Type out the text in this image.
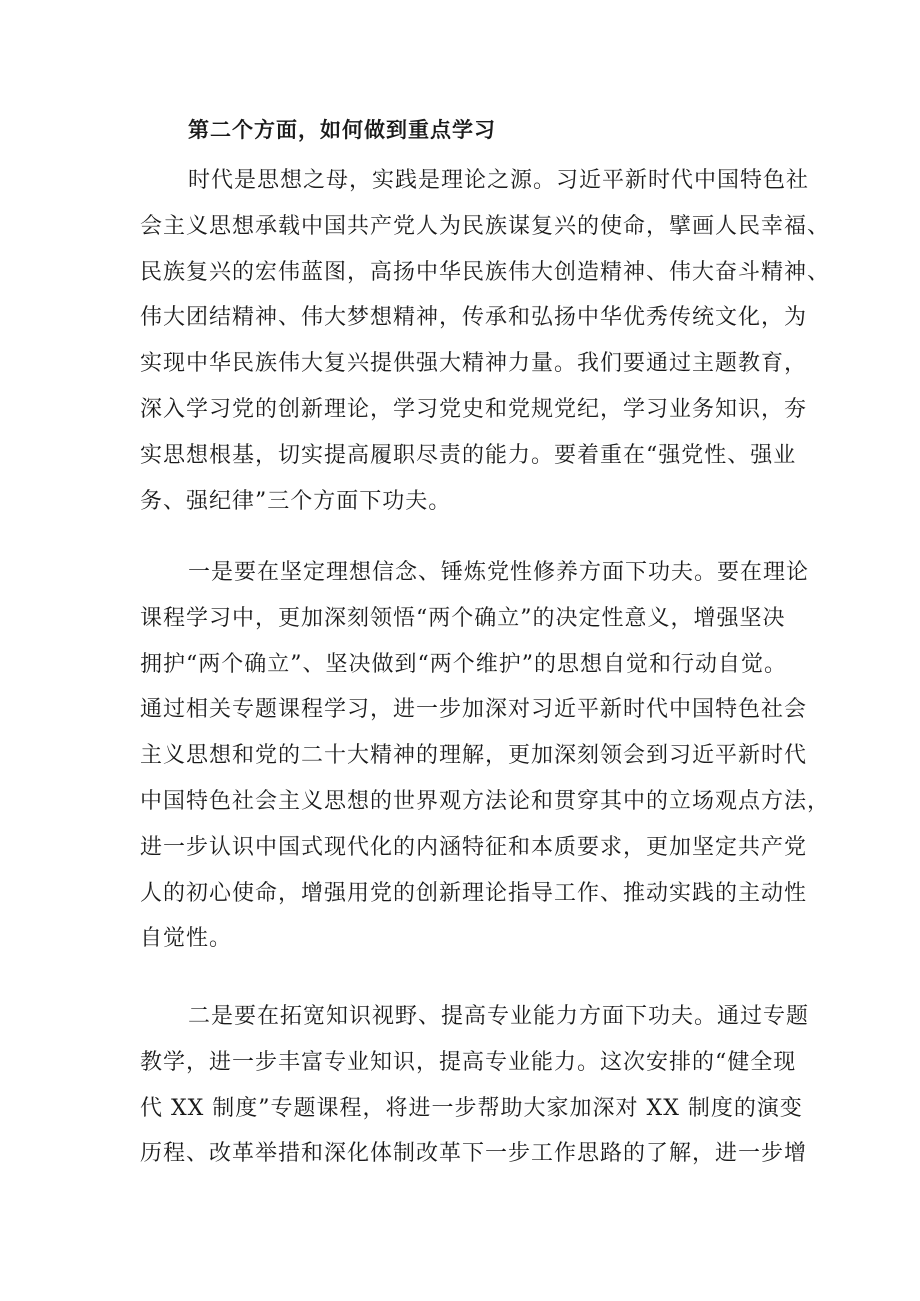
第二个方面，如何做到重点学习
时代是思想之母，实践是理论之源。习近平新时代中国特色社
会主义思想承载中国共产党人为民族谋复兴的使命，擘画人民幸福、
民族复兴的宏伟蓝图，高扬中华民族伟大创造精神、伟大奋斗精神、
伟大团结精神、伟大梦想精神，传承和弘扬中华优秀传统文化，为
实现中华民族伟大复兴提供强大精神力量。我们要通过主题教育，
深入学习党的创新理论，学习党史和党规党纪，学习业务知识，夯
实思想根基，切实提高履职尽责的能力。要着重在“强党性、强业
务、强纪律”三个方面下功夫。
一是要在坚定理想信念、锤炼党性修养方面下功夫。要在理论
课程学习中，更加深刻领悟“两个确立”的决定性意义，增强坚决
拥护“两个确立”、坚决做到“两个维护”的思想自觉和行动自觉。
通过相关专题课程学习，进一步加深对习近平新时代中国特色社会
主义思想和党的二十大精神的理解，更加深刻领会到习近平新时代
中国特色社会主义思想的世界观方法论和贯穿其中的立场观点方法，
进一步认识中国式现代化的内涵特征和本质要求，更加坚定共产党
人的初心使命，增强用党的创新理论指导工作、推动实践的主动性
自觉性。
二是要在拓宽知识视野、提高专业能力方面下功夫。通过专题
教学，进一步丰富专业知识，提高专业能力。这次安排的“健全现
代 XX 制度”专题课程，将进一步帮助大家加深对 XX 制度的演变
历程、改革举措和深化体制改革下一步工作思路的了解，进一步增
